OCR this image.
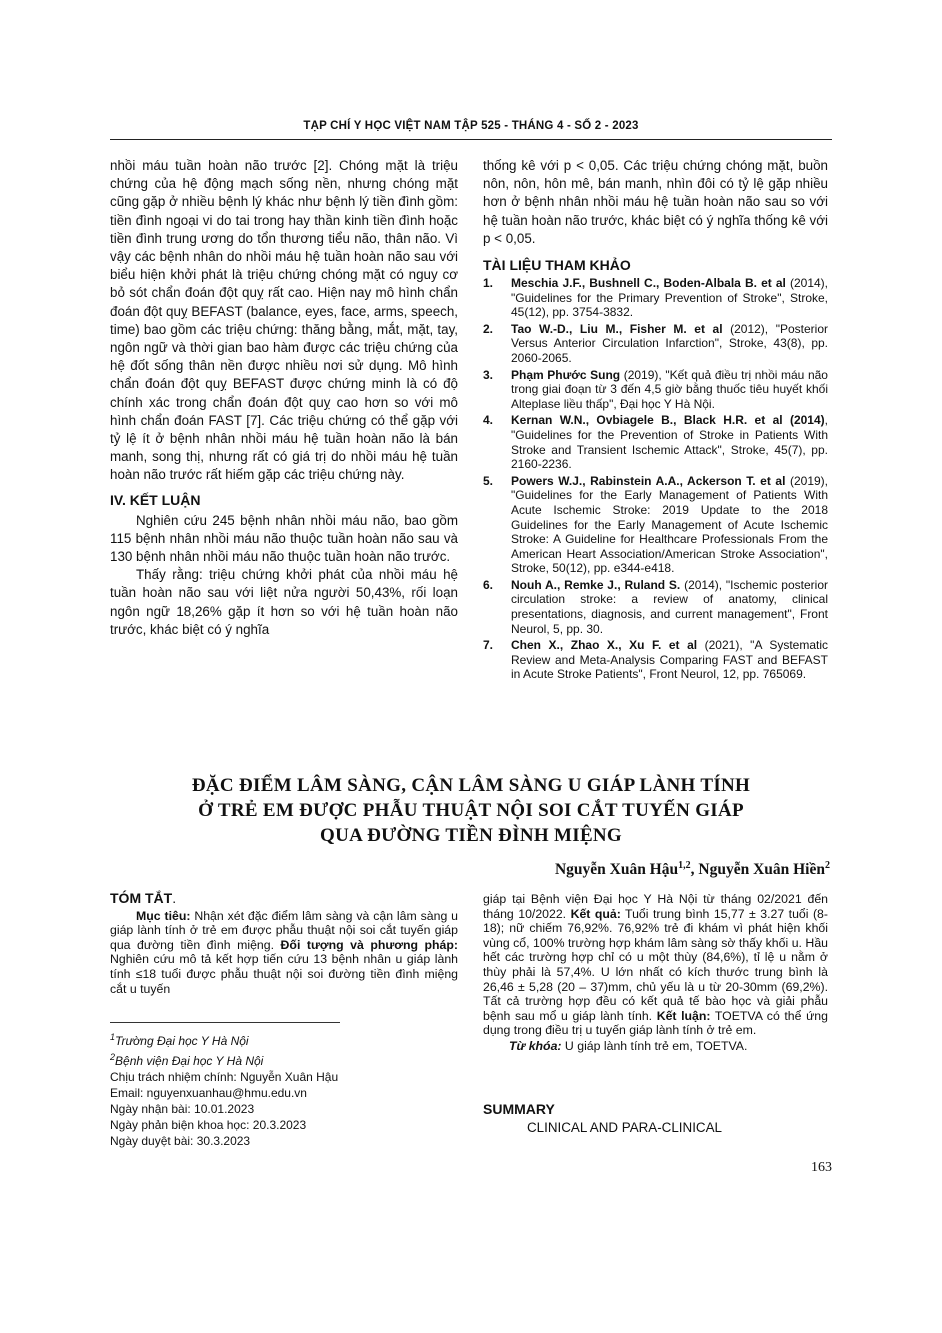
TẠP CHÍ Y HỌC VIỆT NAM TẬP 525 - THÁNG 4 - SỐ 2 - 2023

nhồi máu tuần hoàn não trước [2]. Chóng mặt là triệu chứng của hệ động mạch sống nền, nhưng chóng mặt cũng gặp ở nhiều bệnh lý khác như bệnh lý tiền đình gồm: tiền đình ngoại vi do tai trong hay thần kinh tiền đình hoặc tiền đình trung ương do tổn thương tiểu não, thân não. Vì vậy các bệnh nhân do nhồi máu hệ tuần hoàn não sau với biểu hiện khởi phát là triệu chứng chóng mặt có nguy cơ bỏ sót chẩn đoán đột quỵ rất cao. Hiện nay mô hình chẩn đoán đột quỵ BEFAST (balance, eyes, face, arms, speech, time) bao gồm các triệu chứng: thăng bằng, mắt, mặt, tay, ngôn ngữ và thời gian bao hàm được các triệu chứng của hệ đốt sống thân nền được nhiều nơi sử dụng. Mô hình chẩn đoán đột quỵ BEFAST được chứng minh là có độ chính xác trong chẩn đoán đột quỵ cao hơn so với mô hình chẩn đoán FAST [7]. Các triệu chứng có thể gặp với tỷ lệ ít ở bệnh nhân nhồi máu hệ tuần hoàn não là bán manh, song thị, nhưng rất có giá trị do nhồi máu hệ tuần hoàn não trước rất hiếm gặp các triệu chứng này.

IV. KẾT LUẬN

Nghiên cứu 245 bệnh nhân nhồi máu não, bao gồm 115 bệnh nhân nhồi máu não thuộc tuần hoàn não sau và 130 bệnh nhân nhồi máu não thuộc tuần hoàn não trước.

Thấy rằng: triệu chứng khởi phát của nhồi máu hệ tuần hoàn não sau với liệt nửa người 50,43%, rối loạn ngôn ngữ 18,26% gặp ít hơn so với hệ tuần hoàn não trước, khác biệt có ý nghĩa

thống kê với p < 0,05. Các triệu chứng chóng mặt, buồn nôn, nôn, hôn mê, bán manh, nhìn đôi có tỷ lệ gặp nhiều hơn ở bệnh nhân nhồi máu hệ tuần hoàn não sau so với hệ tuần hoàn não trước, khác biệt có ý nghĩa thống kê với p < 0,05.

TÀI LIỆU THAM KHẢO
1. Meschia J.F., Bushnell C., Boden-Albala B. et al (2014), "Guidelines for the Primary Prevention of Stroke", Stroke, 45(12), pp. 3754-3832.
2. Tao W.-D., Liu M., Fisher M. et al (2012), "Posterior Versus Anterior Circulation Infarction", Stroke, 43(8), pp. 2060-2065.
3. Phạm Phước Sung (2019), "Kết quả điều trị nhồi máu não trong giai đoạn từ 3 đến 4,5 giờ bằng thuốc tiêu huyết khối Alteplase liều thấp", Đại học Y Hà Nội.
4. Kernan W.N., Ovbiagele B., Black H.R. et al (2014), "Guidelines for the Prevention of Stroke in Patients With Stroke and Transient Ischemic Attack", Stroke, 45(7), pp. 2160-2236.
5. Powers W.J., Rabinstein A.A., Ackerson T. et al (2019), "Guidelines for the Early Management of Patients With Acute Ischemic Stroke: 2019 Update to the 2018 Guidelines for the Early Management of Acute Ischemic Stroke: A Guideline for Healthcare Professionals From the American Heart Association/American Stroke Association", Stroke, 50(12), pp. e344-e418.
6. Nouh A., Remke J., Ruland S. (2014), "Ischemic posterior circulation stroke: a review of anatomy, clinical presentations, diagnosis, and current management", Front Neurol, 5, pp. 30.
7. Chen X., Zhao X., Xu F. et al (2021), "A Systematic Review and Meta-Analysis Comparing FAST and BEFAST in Acute Stroke Patients", Front Neurol, 12, pp. 765069.
ĐẶC ĐIỂM LÂM SÀNG, CẬN LÂM SÀNG U GIÁP LÀNH TÍNH
Ở TRẺ EM ĐƯỢC PHẪU THUẬT NỘI SOI CẮT TUYẾN GIÁP
QUA ĐƯỜNG TIỀN ĐÌNH MIỆNG
Nguyễn Xuân Hậu$^{1,2}$, Nguyễn Xuân Hiền$^2$
TÓM TẮT.

Mục tiêu: Nhận xét đặc điểm lâm sàng và cận lâm sàng u giáp lành tính ở trẻ em được phẫu thuật nội soi cắt tuyến giáp qua đường tiền đình miệng. Đối tượng và phương pháp: Nghiên cứu mô tả kết hợp tiến cứu 13 bệnh nhân u giáp lành tính ≤18 tuổi được phẫu thuật nội soi đường tiền đình miệng cắt u tuyến

giáp tại Bệnh viện Đại học Y Hà Nội từ tháng 02/2021 đến tháng 10/2022. Kết quả: Tuổi trung bình 15,77 ± 3.27 tuổi (8-18); nữ chiếm 76,92%. 76,92% trẻ đi khám vì phát hiện khối vùng cổ, 100% trường hợp khám lâm sàng sờ thấy khối u. Hầu hết các trường hợp chỉ có u một thùy (84,6%), tỉ lệ u nằm ở thùy phải là 57,4%. U lớn nhất có kích thước trung bình là 26,46 ± 5,28 (20 – 37)mm, chủ yếu là u từ 20-30mm (69,2%). Tất cả trường hợp đều có kết quả tế bào học và giải phẫu bệnh sau mổ u giáp lành tính. Kết luận: TOETVA có thể ứng dụng trong điều trị u tuyến giáp lành tính ở trẻ em.

Từ khóa: U giáp lành tính trẻ em, TOETVA.

SUMMARY
CLINICAL AND PARA-CLINICAL
$^1$Trường Đại học Y Hà Nội
$^2$Bệnh viện Đại học Y Hà Nội
Chịu trách nhiệm chính: Nguyễn Xuân Hậu
Email: nguyenxuanhau@hmu.edu.vn
Ngày nhận bài: 10.01.2023
Ngày phản biện khoa học: 20.3.2023
Ngày duyệt bài: 30.3.2023
163
